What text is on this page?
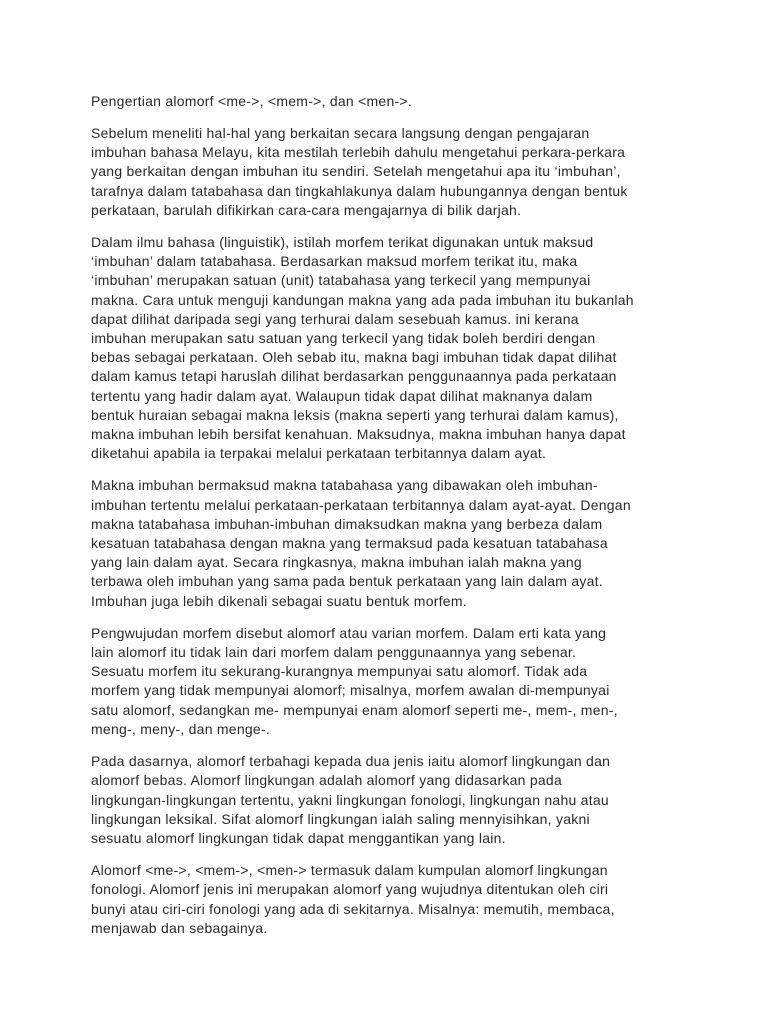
Pengertian alomorf <me->, <mem->, dan <men->.
Sebelum meneliti hal-hal yang berkaitan secara langsung dengan pengajaran
imbuhan bahasa Melayu, kita mestilah terlebih dahulu mengetahui perkara-perkara
yang berkaitan dengan imbuhan itu sendiri. Setelah mengetahui apa itu ‘imbuhan’,
tarafnya dalam tatabahasa dan tingkahlakunya dalam hubungannya dengan bentuk
perkataan, barulah difikirkan cara-cara mengajarnya di bilik darjah.
Dalam ilmu bahasa (linguistik), istilah morfem terikat digunakan untuk maksud
‘imbuhan’ dalam tatabahasa. Berdasarkan maksud morfem terikat itu, maka
‘imbuhan’ merupakan satuan (unit) tatabahasa yang terkecil yang mempunyai
makna. Cara untuk menguji kandungan makna yang ada pada imbuhan itu bukanlah
dapat dilihat daripada segi yang terhurai dalam sesebuah kamus. ini kerana
imbuhan merupakan satu satuan yang terkecil yang tidak boleh berdiri dengan
bebas sebagai perkataan. Oleh sebab itu, makna bagi imbuhan tidak dapat dilihat
dalam kamus tetapi haruslah dilihat berdasarkan penggunaannya pada perkataan
tertentu yang hadir dalam ayat. Walaupun tidak dapat dilihat maknanya dalam
bentuk huraian sebagai makna leksis (makna seperti yang terhurai dalam kamus),
makna imbuhan lebih bersifat kenahuan. Maksudnya, makna imbuhan hanya dapat
diketahui apabila ia terpakai melalui perkataan terbitannya dalam ayat.
Makna imbuhan bermaksud makna tatabahasa yang dibawakan oleh imbuhan-
imbuhan tertentu melalui perkataan-perkataan terbitannya dalam ayat-ayat. Dengan
makna tatabahasa imbuhan-imbuhan dimaksudkan makna yang berbeza dalam
kesatuan tatabahasa dengan makna yang termaksud pada kesatuan tatabahasa
yang lain dalam ayat. Secara ringkasnya, makna imbuhan ialah makna yang
terbawa oleh imbuhan yang sama pada bentuk perkataan yang lain dalam ayat.
Imbuhan juga lebih dikenali sebagai suatu bentuk morfem.
Pengwujudan morfem disebut alomorf atau varian morfem. Dalam erti kata yang
lain alomorf itu tidak lain dari morfem dalam penggunaannya yang sebenar.
Sesuatu morfem itu sekurang-kurangnya mempunyai satu alomorf. Tidak ada
morfem yang tidak mempunyai alomorf; misalnya, morfem awalan di-mempunyai
satu alomorf, sedangkan me- mempunyai enam alomorf seperti me-, mem-, men-,
meng-, meny-, dan menge-.
Pada dasarnya, alomorf terbahagi kepada dua jenis iaitu alomorf lingkungan dan
alomorf bebas. Alomorf lingkungan adalah alomorf yang didasarkan pada
lingkungan-lingkungan tertentu, yakni lingkungan fonologi, lingkungan nahu atau
lingkungan leksikal. Sifat alomorf lingkungan ialah saling mennyisihkan, yakni
sesuatu alomorf lingkungan tidak dapat menggantikan yang lain.
Alomorf <me->, <mem->, <men-> termasuk dalam kumpulan alomorf lingkungan
fonologi. Alomorf jenis ini merupakan alomorf yang wujudnya ditentukan oleh ciri
bunyi atau ciri-ciri fonologi yang ada di sekitarnya. Misalnya: memutih, membaca,
menjawab dan sebagainya.
